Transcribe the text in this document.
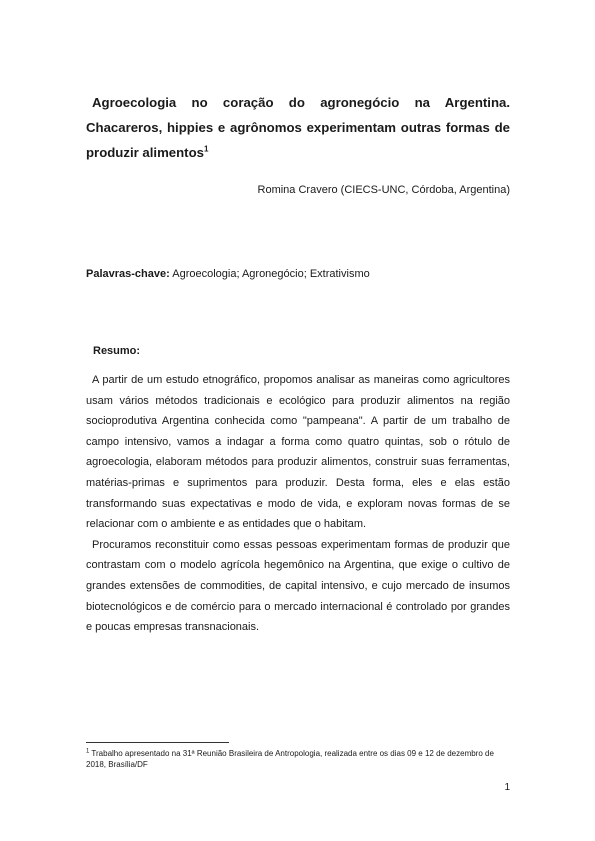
Agroecologia no coração do agronegócio na Argentina. Chacareros, hippies e agrônomos experimentam outras formas de produzir alimentos$^1$
Romina Cravero (CIECS-UNC, Córdoba, Argentina)
Palavras-chave: Agroecologia; Agronegócio; Extrativismo
Resumo:

A partir de um estudo etnográfico, propomos analisar as maneiras como agricultores usam vários métodos tradicionais e ecológico para produzir alimentos na região socioprodutiva Argentina conhecida como "pampeana". A partir de um trabalho de campo intensivo, vamos a indagar a forma como quatro quintas, sob o rótulo de agroecologia, elaboram métodos para produzir alimentos, construir suas ferramentas, matérias-primas e suprimentos para produzir. Desta forma, eles e elas estão transformando suas expectativas e modo de vida, e exploram novas formas de se relacionar com o ambiente e as entidades que o habitam.

Procuramos reconstituir como essas pessoas experimentam formas de produzir que contrastam com o modelo agrícola hegemônico na Argentina, que exige o cultivo de grandes extensões de commodities, de capital intensivo, e cujo mercado de insumos biotecnológicos e de comércio para o mercado internacional é controlado por grandes e poucas empresas transnacionais.

$^1$ Trabalho apresentado na 31ª Reunião Brasileira de Antropologia, realizada entre os dias 09 e 12 de dezembro de 2018, Brasília/DF
1
